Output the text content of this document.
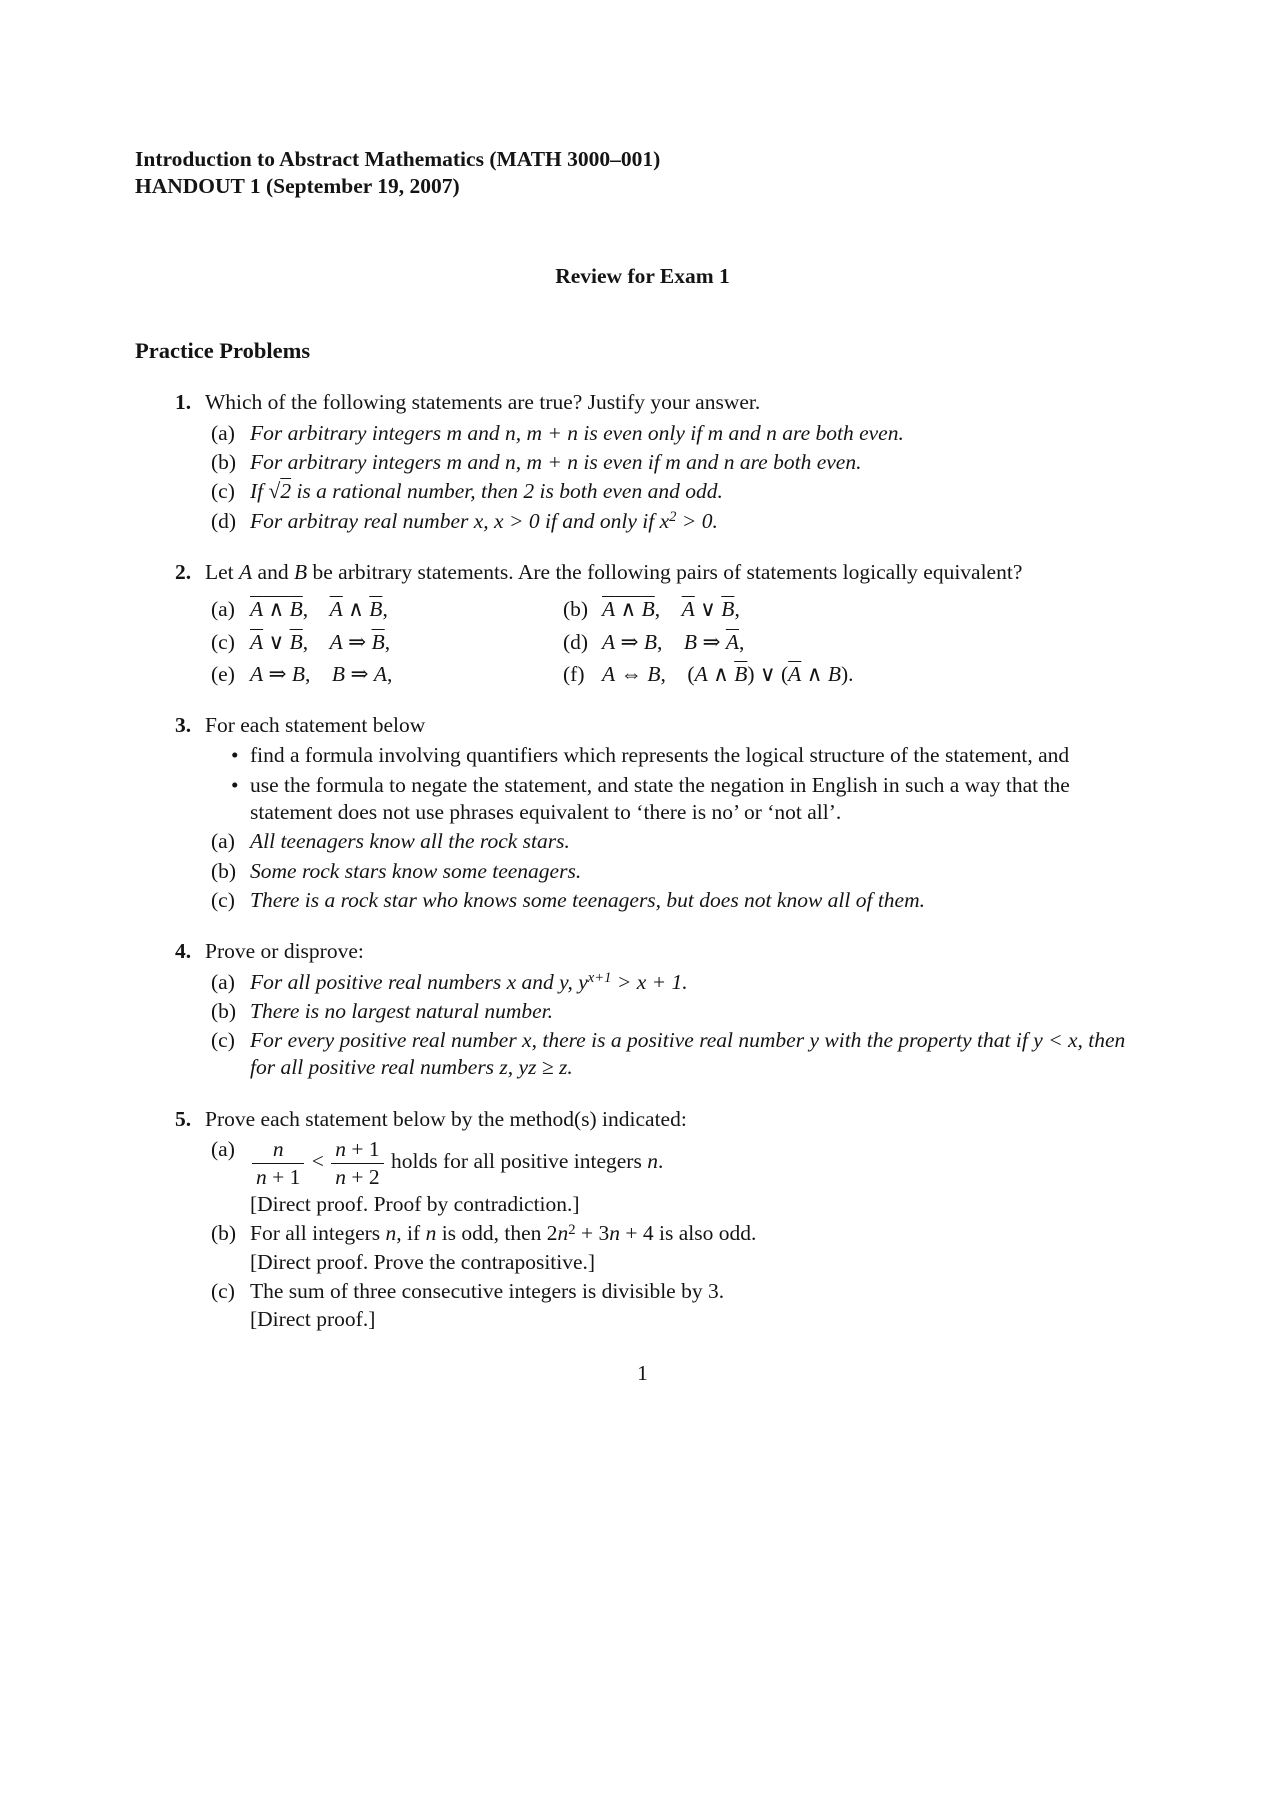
Introduction to Abstract Mathematics (MATH 3000–001)
HANDOUT 1 (September 19, 2007)
Review for Exam 1
Practice Problems
1. Which of the following statements are true? Justify your answer.
(a) For arbitrary integers m and n, m + n is even only if m and n are both even.
(b) For arbitrary integers m and n, m + n is even if m and n are both even.
(c) If √2 is a rational number, then 2 is both even and odd.
(d) For arbitray real number x, x > 0 if and only if $x^2 > 0$.
2. Let A and B be arbitrary statements. Are the following pairs of statements logically equivalent?
(a) A ∧ B, $\overline{A}$ ∧ $\overline{B}$,	(b) A ∧ B, $\overline{A}$ ∨ $\overline{B}$,
(c) $\overline{A}$ ∨ $\overline{B}$, A ⇒ $\overline{B}$,	(d) A ⇒ B, B ⇒ $\overline{A}$,
(e) A ⇒ B, B ⇒ A,	(f) A ⇔ B, (A ∧ $\overline{B}$) ∨ ($\overline{A}$ ∧ B).
3. For each statement below
• find a formula involving quantifiers which represents the logical structure of the statement, and
• use the formula to negate the statement, and state the negation in English in such a way that the statement does not use phrases equivalent to ‘there is no’ or ‘not all’.
(a) All teenagers know all the rock stars.
(b) Some rock stars know some teenagers.
(c) There is a rock star who knows some teenagers, but does not know all of them.
4. Prove or disprove:
(a) For all positive real numbers x and y, $y^{x+1} > x + 1$.
(b) There is no largest natural number.
(c) For every positive real number x, there is a positive real number y with the property that if y < x, then for all positive real numbers z, yz ≥ z.
5. Prove each statement below by the method(s) indicated:
$(a) \frac{n}{n + 1} < \frac{n + 1}{n + 2}$ holds for all positive integers n.
[Direct proof. Proof by contradiction.]
(b) For all integers n, if n is odd, then $2n^2 + 3n + 4$ is also odd.
[Direct proof. Prove the contrapositive.]
(c) The sum of three consecutive integers is divisible by 3.
[Direct proof.]
1
